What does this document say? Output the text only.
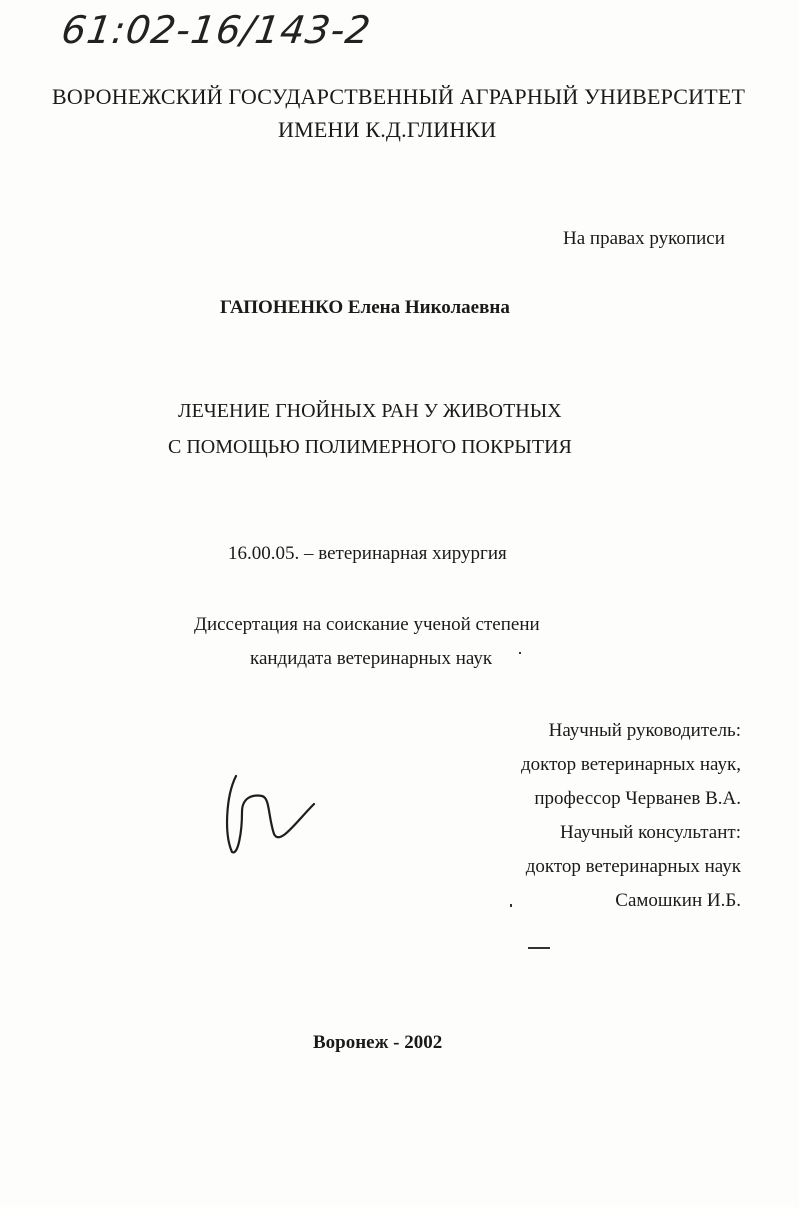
61:02-16/143-2
ВОРОНЕЖСКИЙ ГОСУДАРСТВЕННЫЙ АГРАРНЫЙ УНИВЕРСИТЕТ
ИМЕНИ К.Д.ГЛИНКИ
На правах рукописи
ГАПОНЕНКО Елена Николаевна
ЛЕЧЕНИЕ ГНОЙНЫХ РАН У ЖИВОТНЫХ
С ПОМОЩЬЮ ПОЛИМЕРНОГО ПОКРЫТИЯ
16.00.05. – ветеринарная хирургия
Диссертация на соискание ученой степени
кандидата ветеринарных наук
Научный руководитель:
доктор ветеринарных наук,
профессор Черванев В.А.
Научный консультант:
доктор ветеринарных наук
Самошкин И.Б.
Воронеж - 2002
